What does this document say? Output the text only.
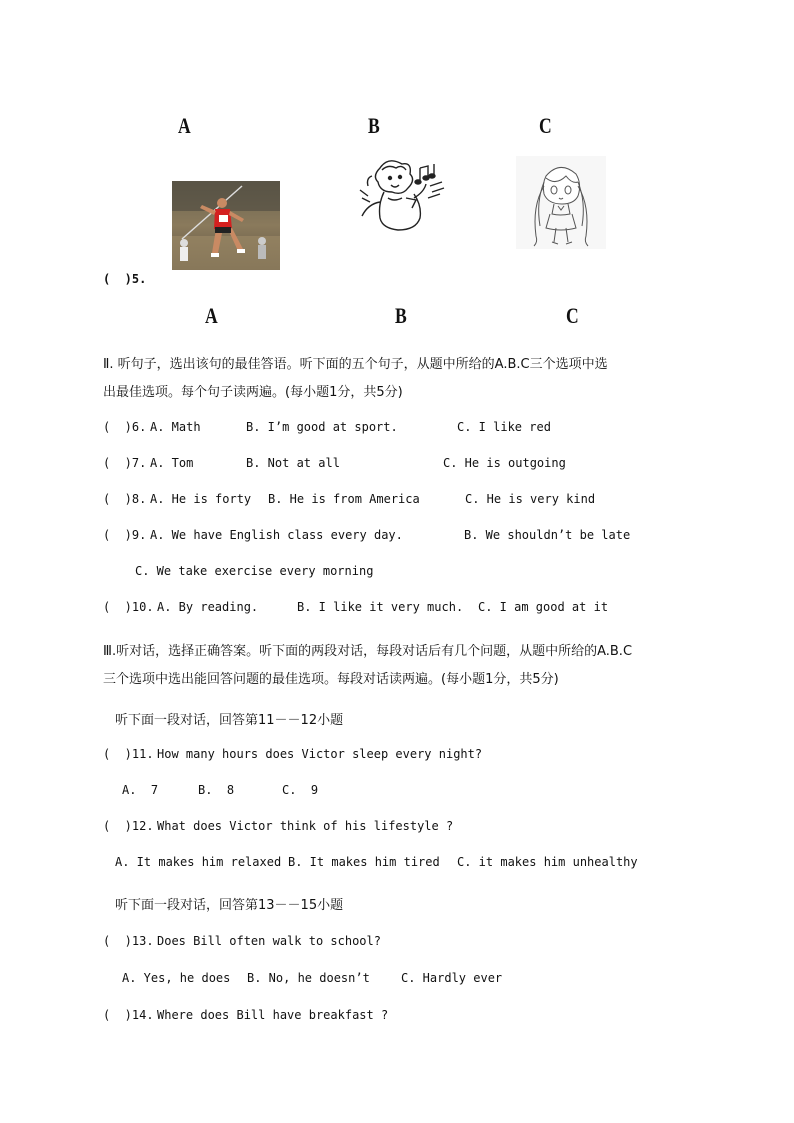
A	B	C
(  )5.
A	B	C
Ⅱ. 听句子，选出该句的最佳答语。听下面的五个句子，从题中所给的A.B.C三个选项中选
出最佳选项。每个句子读两遍。(每小题1分，共5分)
(  )6. A. Math	B. I’m good at sport.	C. I like red
(  )7. A. Tom	B. Not at all	C. He is outgoing
(  )8. A. He is forty B. He is from America	C. He is very kind
(  )9. A. We have English class every day.	B. We shouldn’t be late
C. We take exercise every morning
(  )10. A. By reading.	B. I like it very much. C. I am good at it
Ⅲ.听对话，选择正确答案。听下面的两段对话，每段对话后有几个问题，从题中所给的A.B.C
三个选项中选出能回答问题的最佳选项。每段对话读两遍。(每小题1分，共5分)
听下面一段对话，回答第11－－12小题
(  )11. How many hours does Victor sleep every night?
A.  7	B.  8	C.  9
(  )12. What does Victor think of his lifestyle ?
A. It makes him relaxed B. It makes him tired C. it makes him unhealthy
听下面一段对话，回答第13－－15小题
(  )13. Does Bill often walk to school?
A. Yes, he does B. No, he doesn’t	C. Hardly ever
(  )14. Where does Bill have breakfast ?
